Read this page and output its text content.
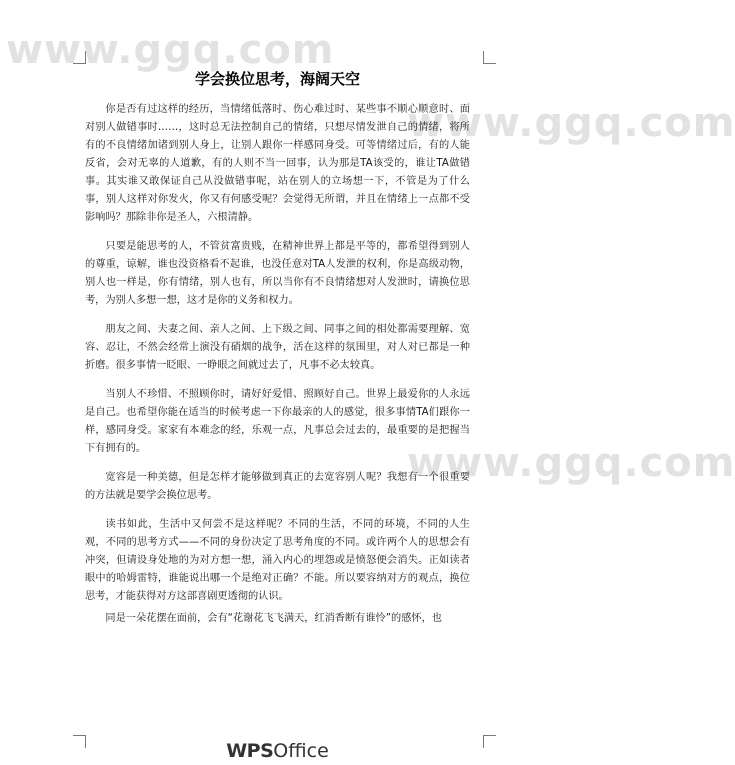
www.ggq.com
www.ggq.com
www.ggq.com
学会换位思考，海阔天空

你是否有过这样的经历，当情绪低落时、伤心难过时、某些事不顺心顺意时、面对别人做错事时……，这时总无法控制自己的情绪，只想尽情发泄自己的情绪，将所有的不良情绪加诸到别人身上，让别人跟你一样感同身受。可等情绪过后，有的人能反省，会对无辜的人道歉，有的人则不当一回事，认为那是TA该受的，谁让TA做错事。其实谁又敢保证自己从没做错事呢，站在别人的立场想一下，不管是为了什么事，别人这样对你发火，你又有何感受呢？会觉得无所谓，并且在情绪上一点都不受影响吗？那除非你是圣人，六根清静。

只要是能思考的人，不管贫富贵贱，在精神世界上都是平等的，都希望得到别人的尊重，谅解，谁也没资格看不起谁，也没任意对TA人发泄的权利，你是高级动物，别人也一样是，你有情绪，别人也有，所以当你有不良情绪想对人发泄时，请换位思考，为别人多想一想，这才是你的义务和权力。

朋友之间、夫妻之间、亲人之间、上下级之间、同事之间的相处都需要理解、宽容、忍让，不然会经常上演没有硝烟的战争，活在这样的氛围里，对人对已都是一种折磨。很多事情一眨眼、一睁眼之间就过去了，凡事不必太较真。

当别人不珍惜、不照顾你时，请好好爱惜、照顾好自己。世界上最爱你的人永远是自己。也希望你能在适当的时候考虑一下你最亲的人的感觉，很多事情TA们跟你一样，感同身受。家家有本难念的经，乐观一点，凡事总会过去的，最重要的是把握当下有拥有的。

宽容是一种美德，但是怎样才能够做到真正的去宽容别人呢？我想有一个很重要的方法就是要学会换位思考。

读书如此，生活中又何尝不是这样呢？不同的生活，不同的环境，不同的人生观，不同的思考方式——不同的身份决定了思考角度的不同。或许两个人的思想会有冲突，但请设身处地的为对方想一想，涌入内心的埋怨或是愤怒便会消失。正如读者眼中的哈姆雷特，谁能说出哪一个是绝对正确？不能。所以要容纳对方的观点，换位思考，才能获得对方这部喜剧更透彻的认识。

同是一朵花摆在面前，会有“花谢花飞飞满天，红消香断有谁怜”的感怀，也

WPSOffice
